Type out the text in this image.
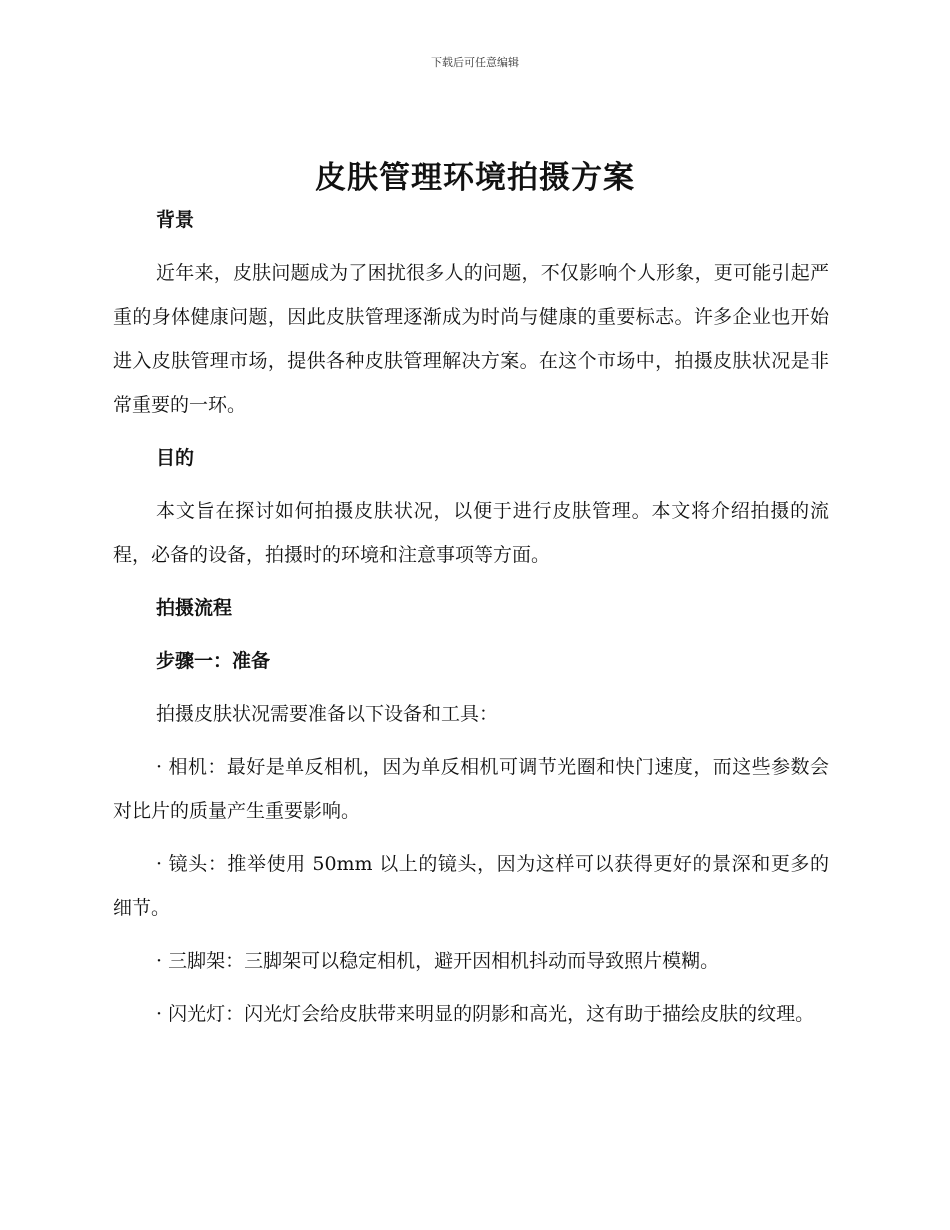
下载后可任意编辑
皮肤管理环境拍摄方案
背景

近年来，皮肤问题成为了困扰很多人的问题，不仅影响个人形象，更可能引起严重的身体健康问题，因此皮肤管理逐渐成为时尚与健康的重要标志。许多企业也开始进入皮肤管理市场，提供各种皮肤管理解决方案。在这个市场中，拍摄皮肤状况是非常重要的一环。

目的

本文旨在探讨如何拍摄皮肤状况，以便于进行皮肤管理。本文将介绍拍摄的流程，必备的设备，拍摄时的环境和注意事项等方面。

拍摄流程
步骤一：准备

拍摄皮肤状况需要准备以下设备和工具：

· 相机：最好是单反相机，因为单反相机可调节光圈和快门速度，而这些参数会对比片的质量产生重要影响。

· 镜头：推举使用 50mm 以上的镜头，因为这样可以获得更好的景深和更多的细节。

· 三脚架：三脚架可以稳定相机，避开因相机抖动而导致照片模糊。

· 闪光灯：闪光灯会给皮肤带来明显的阴影和高光，这有助于描绘皮肤的纹理。
